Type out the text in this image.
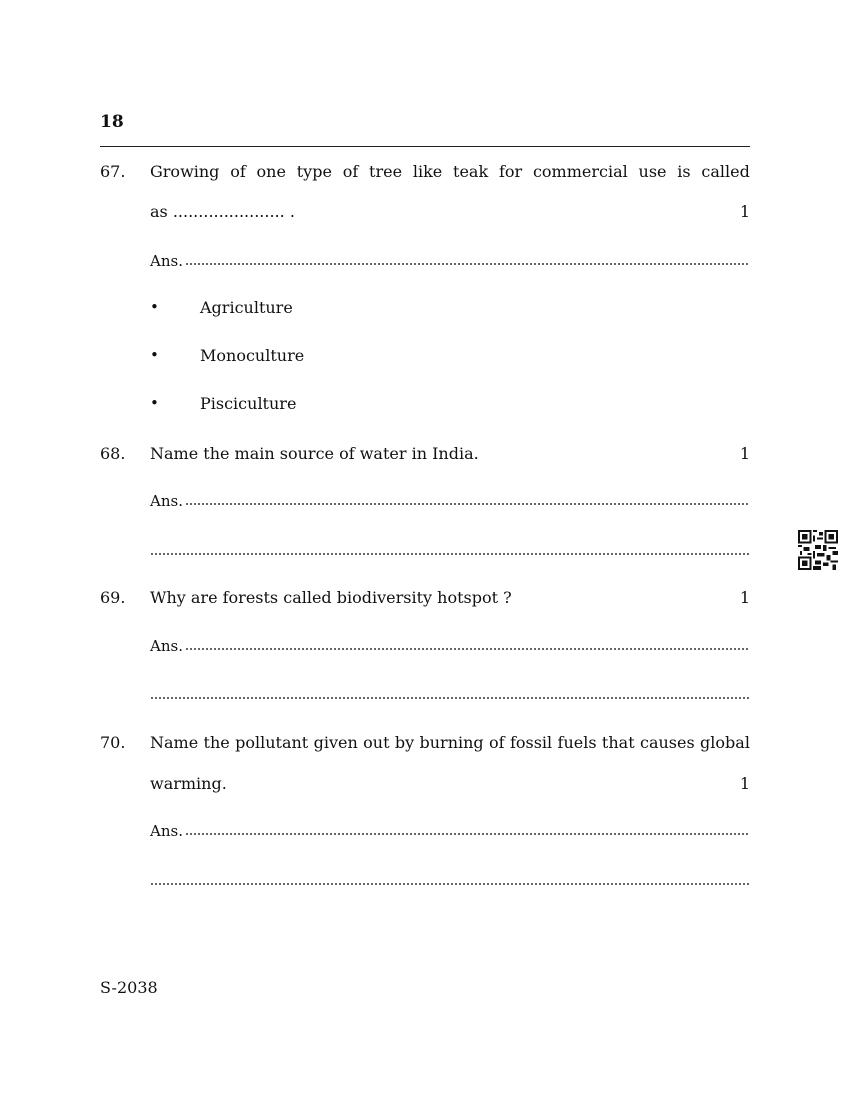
18
67. Growing of one type of tree like teak for commercial use is called
as ...................... .	1
Ans.
•	Agriculture
•	Monoculture
•	Pisciculture
68. Name the main source of water in India.	1
Ans.
69. Why are forests called biodiversity hotspot ?	1
Ans.
70. Name the pollutant given out by burning of fossil fuels that causes global
warming.	1
Ans.
S-2038
